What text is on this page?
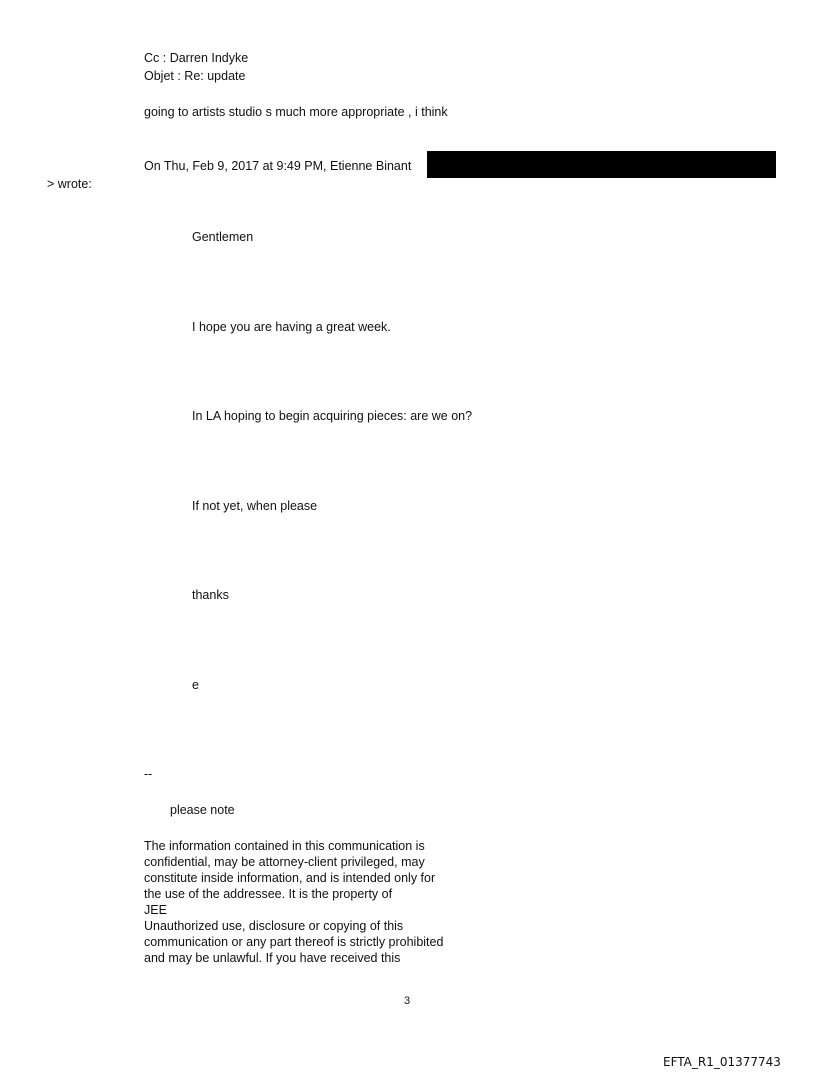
Cc : Darren Indyke
Objet : Re: update
going to artists studio s much more appropriate , i think
On Thu, Feb 9, 2017 at 9:49 PM, Etienne Binant
> wrote:
Gentlemen
I hope you are having a great week.
In LA hoping to begin acquiring pieces: are we on?
If not yet, when please
thanks
e
--
please note
The information contained in this communication is
confidential, may be attorney-client privileged, may
constitute inside information, and is intended only for
the use of the addressee. It is the property of
JEE
Unauthorized use, disclosure or copying of this
communication or any part thereof is strictly prohibited
and may be unlawful. If you have received this
3
EFTA_R1_01377743
